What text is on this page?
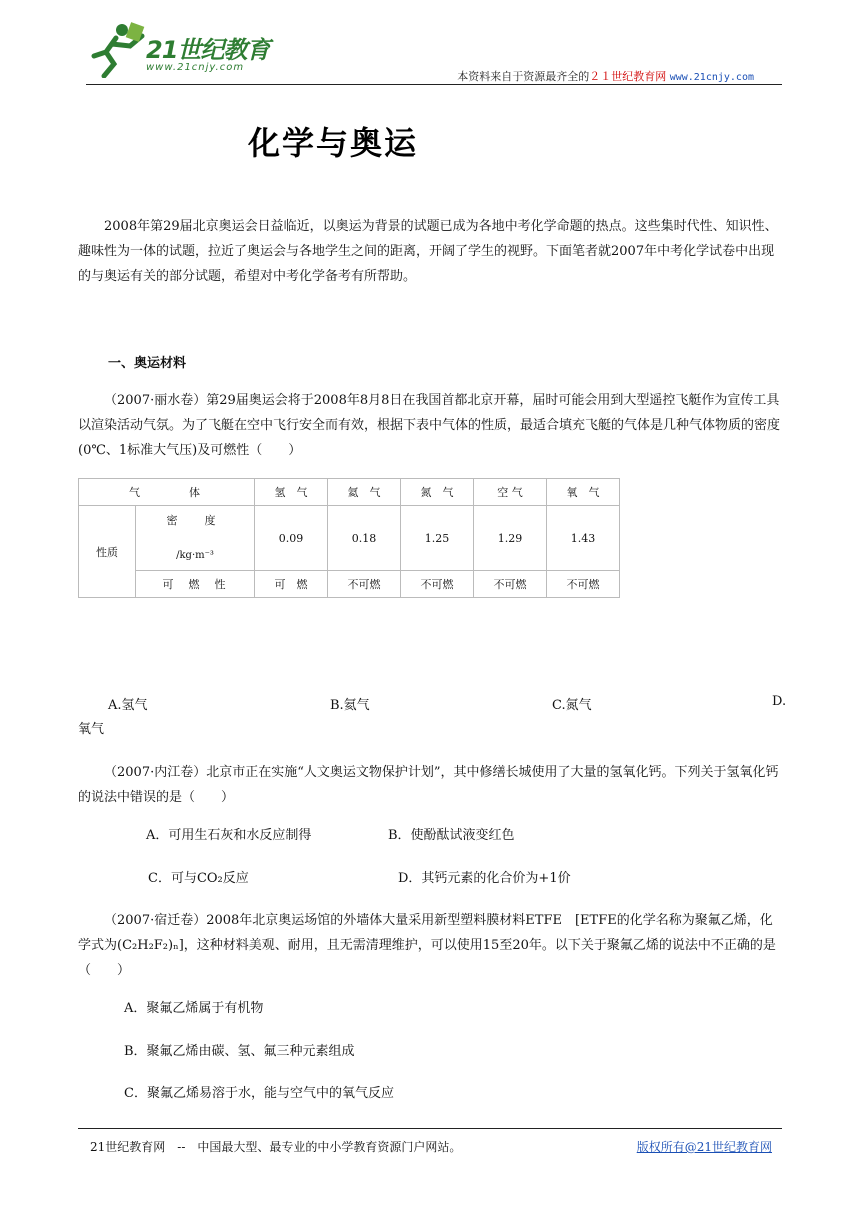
21世纪教育
www.21cnjy.com
本资料来自于资源最齐全的２１世纪教育网 www.21cnjy.com
化学与奥运

2008年第29届北京奥运会日益临近，以奥运为背景的试题已成为各地中考化学命题的热点。这些集时代性、知识性、趣味性为一体的试题，拉近了奥运会与各地学生之间的距离，开阔了学生的视野。下面笔者就2007年中考化学试卷中出现的与奥运有关的部分试题，希望对中考化学备考有所帮助。

一、奥运材料

（2007·丽水卷）第29届奥运会将于2008年8月8日在我国首都北京开幕，届时可能会用到大型遥控飞艇作为宣传工具以渲染活动气氛。为了飞艇在空中飞行安全而有效，根据下表中气体的性质，最适合填充飞艇的气体是几种气体物质的密度(0℃、1标准大气压)及可燃性（　　）

气　　　体		氢　气	氦　气	氮　气	空 气	氧　气
性质	密　度
/kg·m⁻³	0.09	0.18	1.25	1.29	1.43
	可　燃　性	可　燃	不可燃	不可燃	不可燃	不可燃
A.氢气	B.氦气	C.氮气	D.
氧气

（2007·内江卷）北京市正在实施“人文奥运文物保护计划”，其中修缮长城使用了大量的氢氧化钙。下列关于氢氧化钙的说法中错误的是（　　）

A．可用生石灰和水反应制得	B．使酚酞试液变红色
C．可与CO₂反应	D．其钙元素的化合价为+1价

（2007·宿迁卷）2008年北京奥运场馆的外墙体大量采用新型塑料膜材料ETFE　[ETFE的化学名称为聚氟乙烯，化学式为(C₂H₂F₂)ₙ]，这种材料美观、耐用，且无需清理维护，可以使用15至20年。以下关于聚氟乙烯的说法中不正确的是（　　）

A．聚氟乙烯属于有机物
B．聚氟乙烯由碳、氢、氟三种元素组成
C．聚氟乙烯易溶于水，能与空气中的氧气反应
21世纪教育网　--　中国最大型、最专业的中小学教育资源门户网站。	版权所有@21世纪教育网
